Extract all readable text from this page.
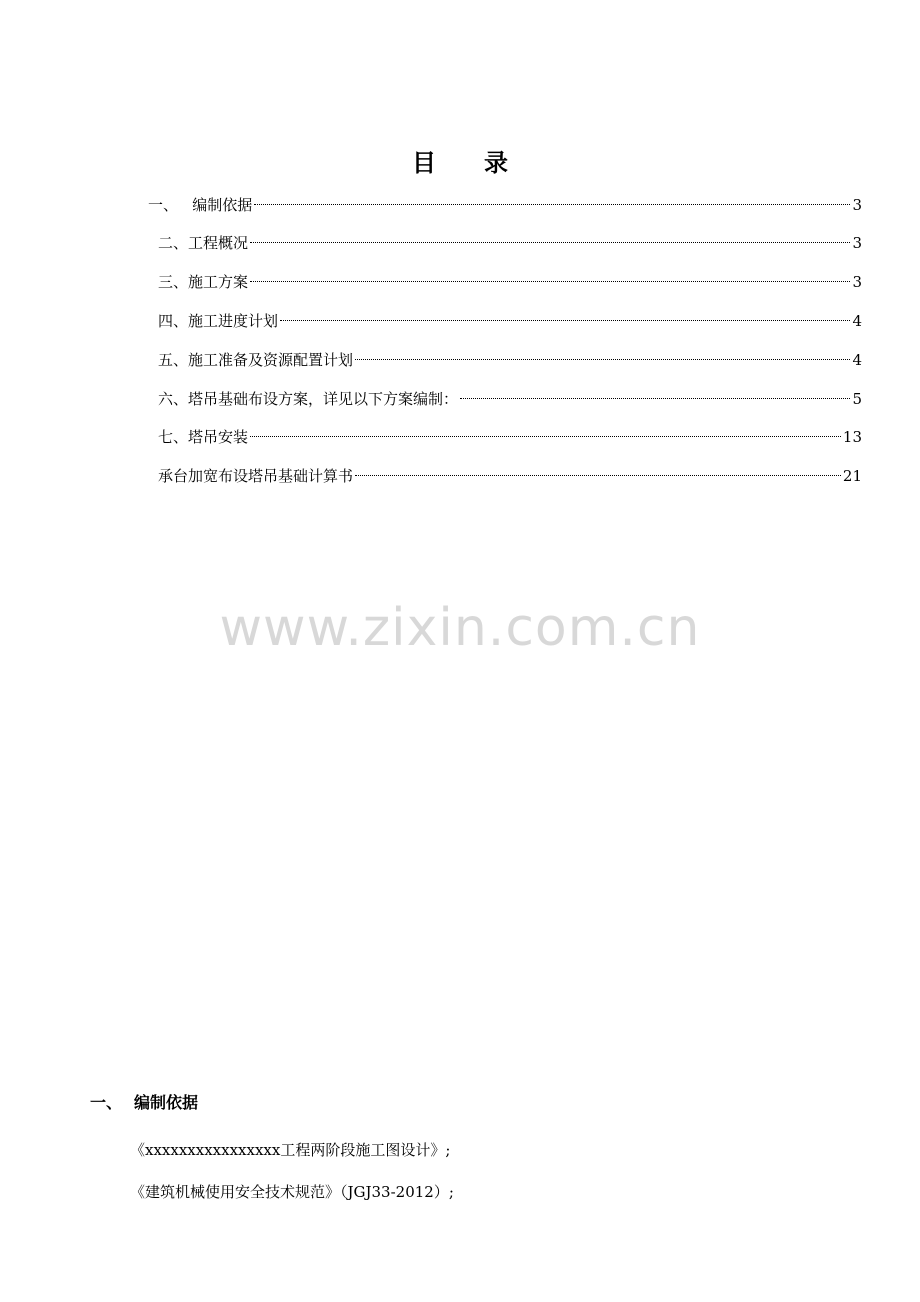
目 录
一、   编制依据	3
二、工程概况	3
三、施工方案	3
四、施工进度计划	4
五、施工准备及资源配置计划	4
六、塔吊基础布设方案，详见以下方案编制：	5
七、塔吊安装	13
承台加宽布设塔吊基础计算书	21
www.zixin.com.cn
一、 编制依据
《xxxxxxxxxxxxxxxx工程两阶段施工图设计》;
《建筑机械使用安全技术规范》（JGJ33-2012）;
